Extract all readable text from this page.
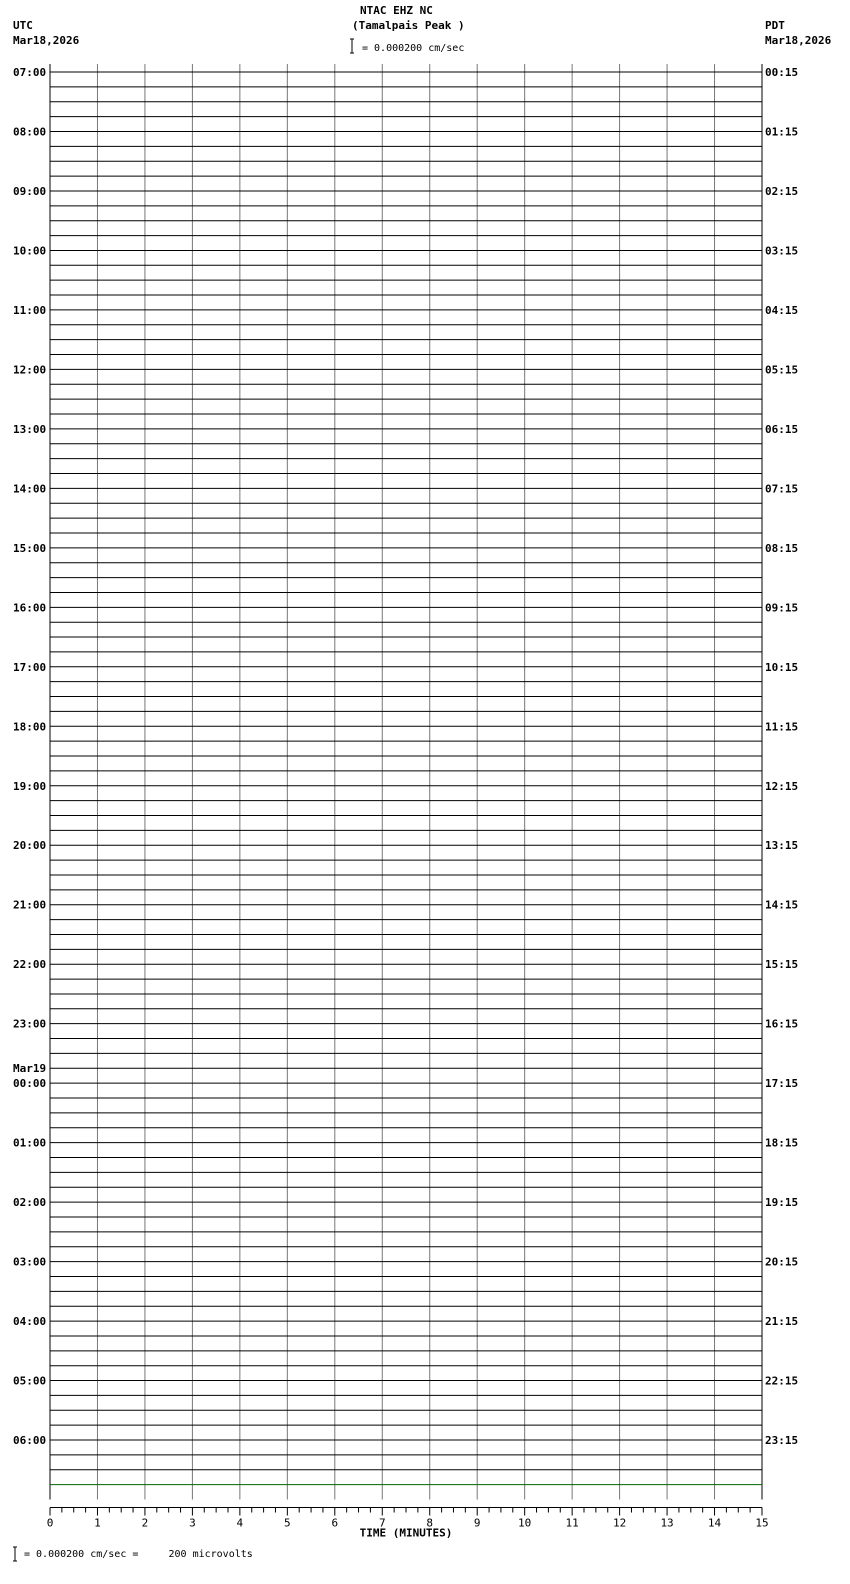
NTAC EHZ NC
(Tamalpais Peak )
= 0.000200 cm/sec
UTC
Mar18,2026
PDT
Mar18,2026
0	1	2	3	4	5	6	7	8	9	10	11	12	13	14	15
TIME (MINUTES)
07:00
08:00
09:00
10:00
11:00
12:00
13:00
14:00
15:00
16:00
17:00
18:00
19:00
20:00
21:00
22:00
23:00
00:00
Mar19
01:00
02:00
03:00
04:00
05:00
06:00
00:15
01:15
02:15
03:15
04:15
05:15
06:15
07:15
08:15
09:15
10:15
11:15
12:15
13:15
14:15
15:15
16:15
17:15
18:15
19:15
20:15
21:15
22:15
23:15
= 0.000200 cm/sec =     200 microvolts
